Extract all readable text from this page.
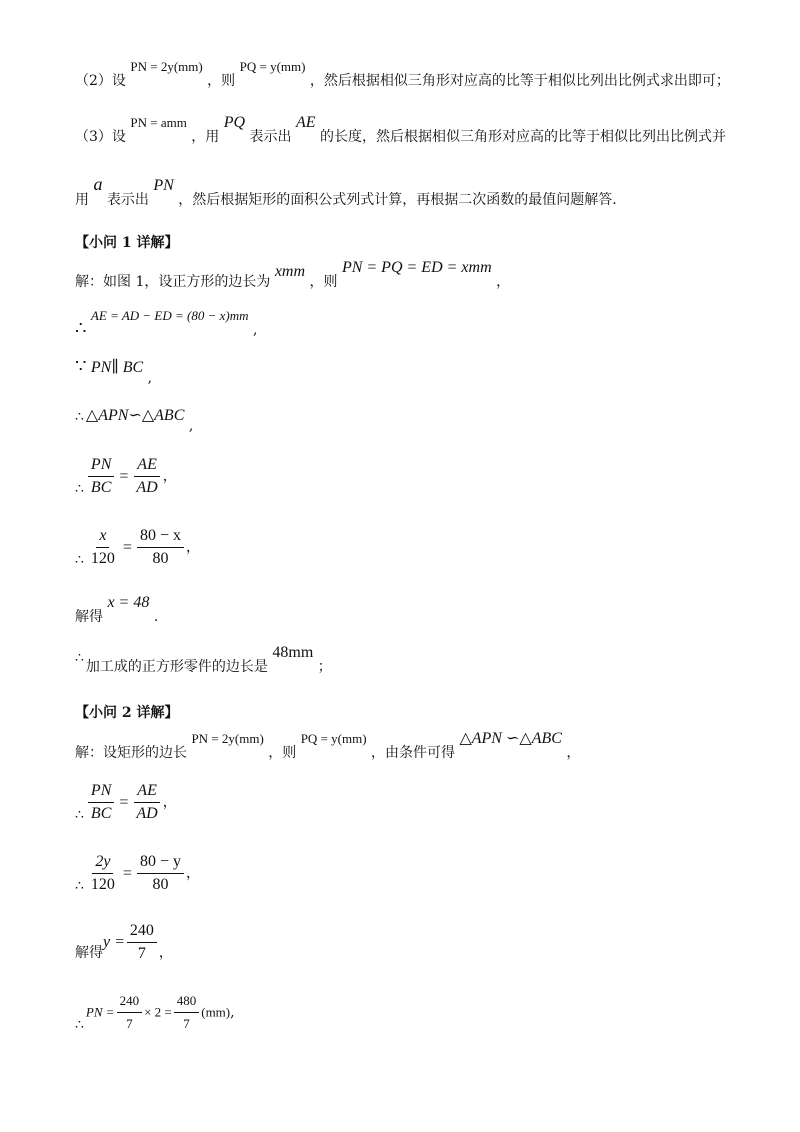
（2）设 PN = 2y(mm) ，则 PQ = y(mm) ，然后根据相似三角形对应高的比等于相似比列出比例式求出即可；
（3）设 PN = amm ，用 PQ 表示出 AE 的长度，然后根据相似三角形对应高的比等于相似比列出比例式并
用 a 表示出 PN ，然后根据矩形的面积公式列式计算，再根据二次函数的最值问题解答.
【小问 1 详解】
解：如图 1，设正方形的边长为 xmm ，则 PN = PQ = ED = xmm ，
∴ AE = AD − ED = (80 − x)mm ,
∵ PN∥ BC ,
∴ △APN∽△ABC ,
∴ $\frac{PN}{BC} = \frac{AE}{AD}$ ，
∴ $\frac{x}{120} = \frac{80 - x}{80}$ ，
解得 x = 48 .
∴加工成的正方形零件的边长是 48mm ；
【小问 2 详解】
解：设矩形的边长 PN = 2y(mm) ，则 PQ = y(mm) ，由条件可得 △APN ∽△ABC ，
∴ $\frac{PN}{BC} = \frac{AE}{AD}$ ，
∴ $\frac{2y}{120} = \frac{80 - y}{80}$ ，
解得$y = \frac{240}{7}$ ，
∴PN = $\frac{240}{7} \times 2 = \frac{480}{7} (mm)$,
